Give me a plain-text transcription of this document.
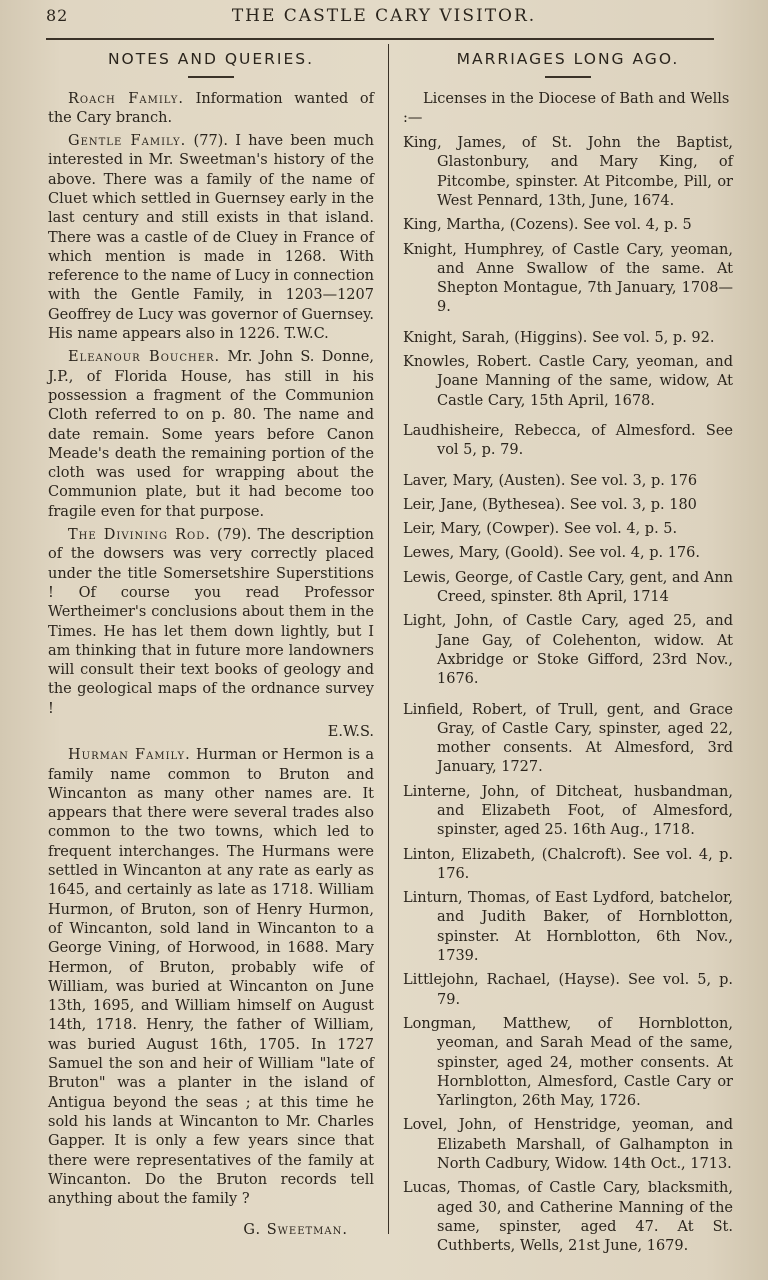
82	THE CASTLE CARY VISITOR.
NOTES AND QUERIES.

Roach Family. Information wanted of the Cary branch.

Gentle Family. (77). I have been much interested in Mr. Sweetman's history of the above. There was a family of the name of Cluet which settled in Guernsey early in the last century and still exists in that island. There was a castle of de Cluey in France of which mention is made in 1268. With reference to the name of Lucy in connection with the Gentle Family, in 1203—1207 Geoffrey de Lucy was governor of Guernsey. His name appears also in 1226. T.W.C.

Eleanour Boucher. Mr. John S. Donne, J.P., of Florida House, has still in his possession a fragment of the Communion Cloth referred to on p. 80. The name and date remain. Some years before Canon Meade's death the remaining portion of the cloth was used for wrapping about the Communion plate, but it had become too fragile even for that purpose.

The Divining Rod. (79). The description of the dowsers was very correctly placed under the title Somersetshire Superstitions ! Of course you read Professor Wertheimer's conclusions about them in the Times. He has let them down lightly, but I am thinking that in future more landowners will consult their text books of geology and the geological maps of the ordnance survey !

E.W.S.

Hurman Family. Hurman or Hermon is a family name common to Bruton and Wincanton as many other names are. It appears that there were several trades also common to the two towns, which led to frequent interchanges. The Hurmans were settled in Wincanton at any rate as early as 1645, and certainly as late as 1718. William Hurmon, of Bruton, son of Henry Hurmon, of Wincanton, sold land in Wincanton to a George Vining, of Horwood, in 1688. Mary Hermon, of Bruton, probably wife of William, was buried at Wincanton on June 13th, 1695, and William himself on August 14th, 1718. Henry, the father of William, was buried August 16th, 1705. In 1727 Samuel the son and heir of William "late of Bruton" was a planter in the island of Antigua beyond the seas ; at this time he sold his lands at Wincanton to Mr. Charles Gapper. It is only a few years since that there were representatives of the family at Wincanton. Do the Bruton records tell anything about the family ?

G. Sweetman.
MARRIAGES LONG AGO.

Licenses in the Diocese of Bath and Wells :—

King, James, of St. John the Baptist, Glastonbury, and Mary King, of Pitcombe, spinster. At Pitcombe, Pill, or West Pennard, 13th, June, 1674.

King, Martha, (Cozens). See vol. 4, p. 5

Knight, Humphrey, of Castle Cary, yeoman, and Anne Swallow of the same. At Shepton Montague, 7th January, 1708—9.

Knight, Sarah, (Higgins). See vol. 5, p. 92.

Knowles, Robert. Castle Cary, yeoman, and Joane Manning of the same, widow, At Castle Cary, 15th April, 1678.

Laudhisheire, Rebecca, of Almesford. See vol 5, p. 79.

Laver, Mary, (Austen). See vol. 3, p. 176

Leir, Jane, (Bythesea). See vol. 3, p. 180

Leir, Mary, (Cowper). See vol. 4, p. 5.

Lewes, Mary, (Goold). See vol. 4, p. 176.

Lewis, George, of Castle Cary, gent, and Ann Creed, spinster. 8th April, 1714

Light, John, of Castle Cary, aged 25, and Jane Gay, of Colehenton, widow. At Axbridge or Stoke Gifford, 23rd Nov., 1676.

Linfield, Robert, of Trull, gent, and Grace Gray, of Castle Cary, spinster, aged 22, mother consents. At Almesford, 3rd January, 1727.

Linterne, John, of Ditcheat, husbandman, and Elizabeth Foot, of Almesford, spinster, aged 25. 16th Aug., 1718.

Linton, Elizabeth, (Chalcroft). See vol. 4, p. 176.

Linturn, Thomas, of East Lydford, batchelor, and Judith Baker, of Hornblotton, spinster. At Hornblotton, 6th Nov., 1739.

Littlejohn, Rachael, (Hayse). See vol. 5, p. 79.

Longman, Matthew, of Hornblotton, yeoman, and Sarah Mead of the same, spinster, aged 24, mother consents. At Hornblotton, Almesford, Castle Cary or Yarlington, 26th May, 1726.

Lovel, John, of Henstridge, yeoman, and Elizabeth Marshall, of Galhampton in North Cadbury, Widow. 14th Oct., 1713.

Lucas, Thomas, of Castle Cary, blacksmith, aged 30, and Catherine Manning of the same, spinster, aged 47. At St. Cuthberts, Wells, 21st June, 1679.
